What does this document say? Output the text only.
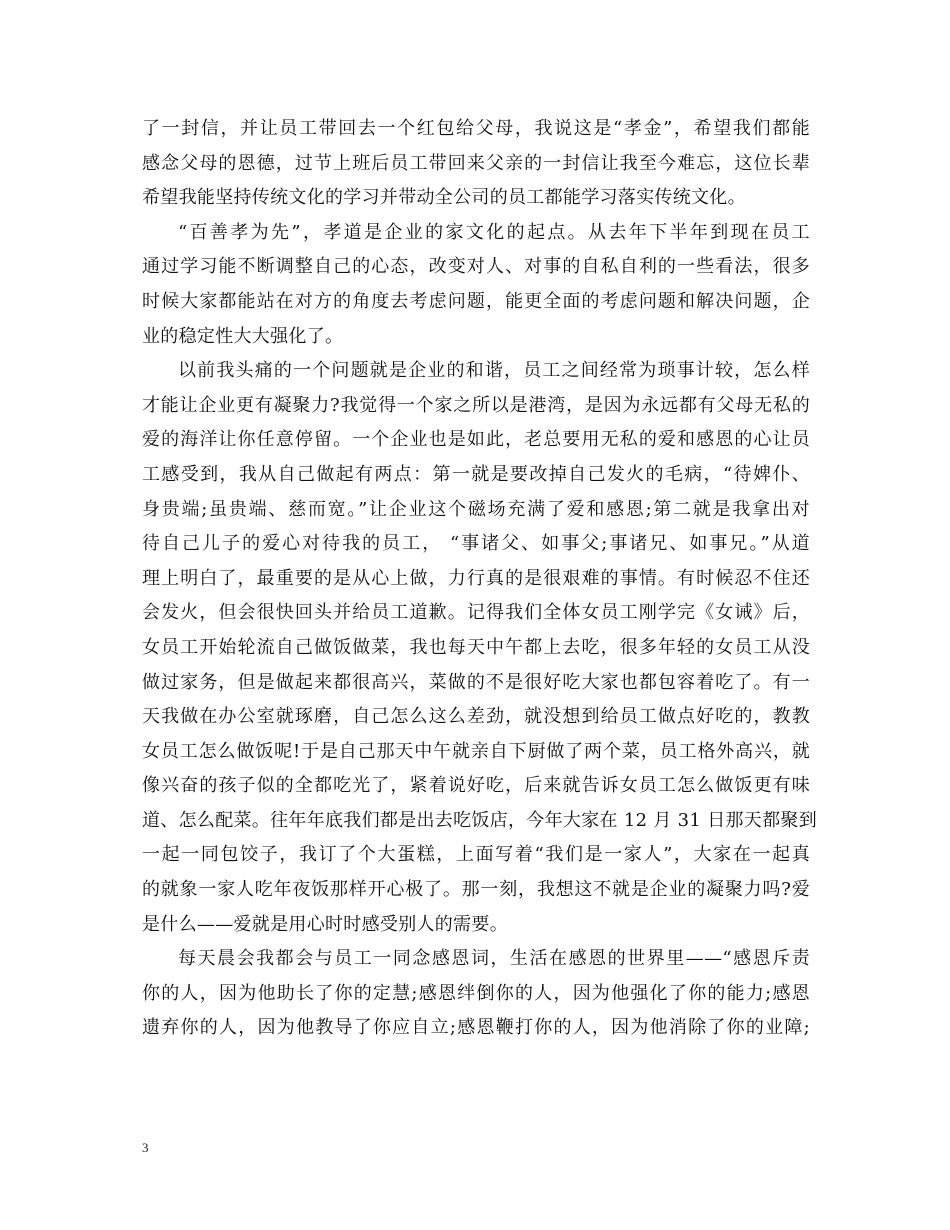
了一封信，并让员工带回去一个红包给父母，我说这是“孝金”，希望我们都能
感念父母的恩德，过节上班后员工带回来父亲的一封信让我至今难忘，这位长辈
希望我能坚持传统文化的学习并带动全公司的员工都能学习落实传统文化。
“百善孝为先”，孝道是企业的家文化的起点。从去年下半年到现在员工
通过学习能不断调整自己的心态，改变对人、对事的自私自利的一些看法，很多
时候大家都能站在对方的角度去考虑问题，能更全面的考虑问题和解决问题，企
业的稳定性大大强化了。
以前我头痛的一个问题就是企业的和谐，员工之间经常为琐事计较，怎么样
才能让企业更有凝聚力?我觉得一个家之所以是港湾，是因为永远都有父母无私的
爱的海洋让你任意停留。一个企业也是如此，老总要用无私的爱和感恩的心让员
工感受到，我从自己做起有两点：第一就是要改掉自己发火的毛病，“待婢仆、
身贵端;虽贵端、慈而宽。”让企业这个磁场充满了爱和感恩;第二就是我拿出对
待自己儿子的爱心对待我的员工， “事诸父、如事父;事诸兄、如事兄。”从道
理上明白了，最重要的是从心上做，力行真的是很艰难的事情。有时候忍不住还
会发火，但会很快回头并给员工道歉。记得我们全体女员工刚学完《女诫》后，
女员工开始轮流自己做饭做菜，我也每天中午都上去吃，很多年轻的女员工从没
做过家务，但是做起来都很高兴，菜做的不是很好吃大家也都包容着吃了。有一
天我做在办公室就琢磨，自己怎么这么差劲，就没想到给员工做点好吃的，教教
女员工怎么做饭呢!于是自己那天中午就亲自下厨做了两个菜，员工格外高兴，就
像兴奋的孩子似的全都吃光了，紧着说好吃，后来就告诉女员工怎么做饭更有味
道、怎么配菜。往年年底我们都是出去吃饭店，今年大家在 12 月 31 日那天都聚到
一起一同包饺子，我订了个大蛋糕，上面写着“我们是一家人”，大家在一起真
的就象一家人吃年夜饭那样开心极了。那一刻，我想这不就是企业的凝聚力吗?爱
是什么——爱就是用心时时感受别人的需要。
每天晨会我都会与员工一同念感恩词，生活在感恩的世界里——“感恩斥责
你的人，因为他助长了你的定慧;感恩绊倒你的人，因为他强化了你的能力;感恩
遗弃你的人，因为他教导了你应自立;感恩鞭打你的人，因为他消除了你的业障;
3
